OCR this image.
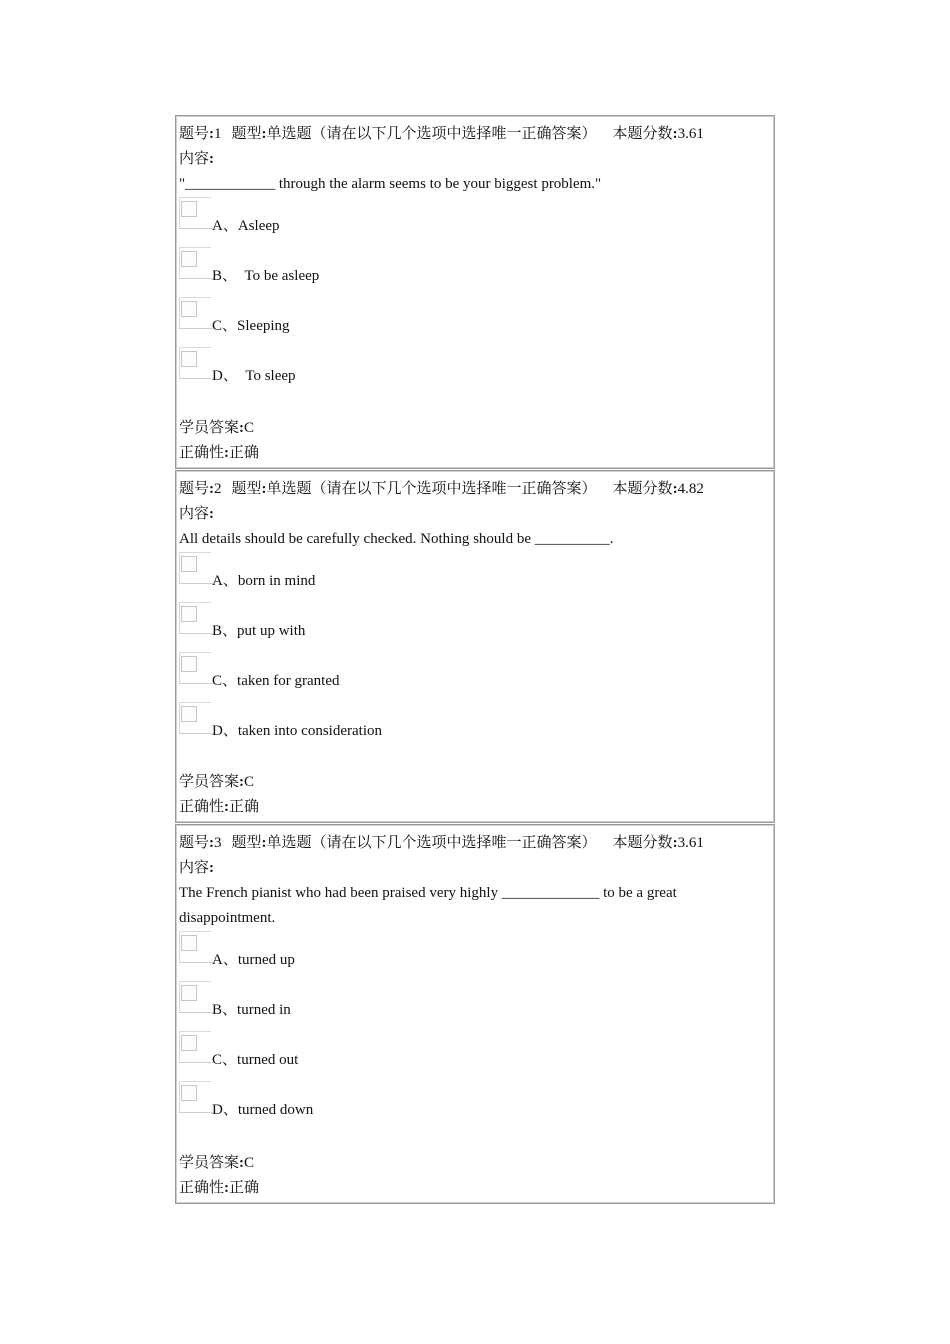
题号:1 题型:单选题（请在以下几个选项中选择唯一正确答案） 本题分数:3.61
内容:
"____________ through the alarm seems to be your biggest problem."
A、Asleep
B、  To be asleep
C、Sleeping
D、  To sleep
学员答案:C
正确性:正确
题号:2 题型:单选题（请在以下几个选项中选择唯一正确答案） 本题分数:4.82
内容:
All details should be carefully checked. Nothing should be __________.
A、born in mind
B、put up with
C、taken for granted
D、taken into consideration
学员答案:C
正确性:正确
题号:3 题型:单选题（请在以下几个选项中选择唯一正确答案） 本题分数:3.61
内容:
The French pianist who had been praised very highly _____________ to be a great disappointment.
A、turned up
B、turned in
C、turned out
D、turned down
学员答案:C
正确性:正确
